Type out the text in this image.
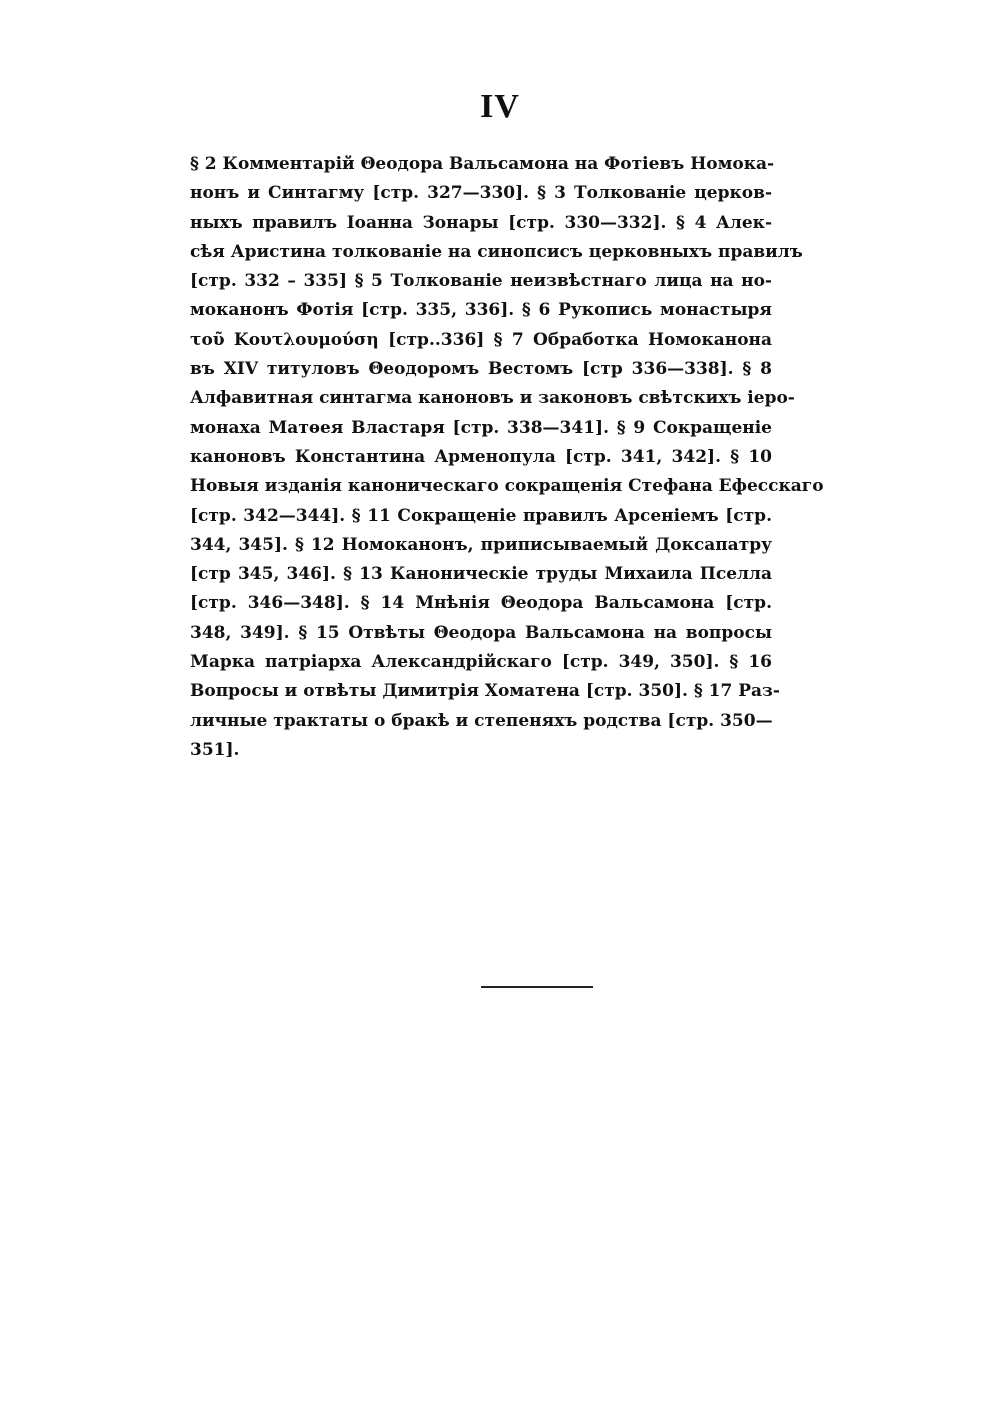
IV
§ 2 Комментарій Θеодора Вальсамона на Фотіевъ Номока-
нонъ и Синтагму [стр. 327—330]. § 3 Толкованіе церков-
ныхъ правилъ Іоанна Зонары [стр. 330—332]. § 4 Алек-
сѣя Аристина толкованіе на синопсисъ церковныхъ правилъ
[стр. 332 – 335] § 5 Толкованіе неизвѣстнаго лица на но-
моканонъ Фотія [стр. 335, 336]. § 6 Рукопись монастыря
τοῦ Κουτλουμούση [стр..336] § 7 Обработка Номоканона
въ XIV титуловъ Θеодоромъ Вестомъ [стр 336—338]. § 8
Алфавитная синтагма каноновъ и законовъ свѣтскихъ іеро-
монаха Матѳея Властаря [стр. 338—341]. § 9 Сокращеніе
каноновъ Константина Арменопула [стр. 341, 342]. § 10
Новыя изданія каноническаго сокращенія Стефана Ефесскаго
[стр. 342—344]. § 11 Сокращеніе правилъ Арсеніемъ [стр.
344, 345]. § 12 Номоканонъ, приписываемый Доксапатру
[стр 345, 346]. § 13 Каноническіе труды Михаила Пселла
[стр. 346—348]. § 14 Мнѣнія Θеодора Вальсамона [стр.
348, 349]. § 15 Отвѣты Θеодора Вальсамона на вопросы
Марка патріарха Александрійскаго [стр. 349, 350]. § 16
Вопросы и отвѣты Димитрія Хоматена [стр. 350]. § 17 Раз-
личные трактаты о бракѣ и степеняхъ родства [стр. 350—
351].
